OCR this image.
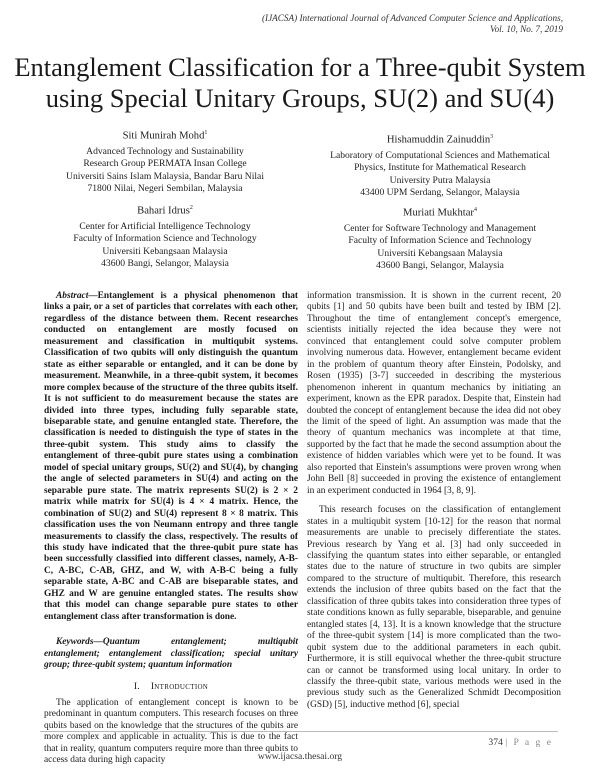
(IJACSA) International Journal of Advanced Computer Science and Applications,
Vol. 10, No. 7, 2019
Entanglement Classification for a Three-qubit System
using Special Unitary Groups, SU(2) and SU(4)
Siti Munirah Mohd$^1$
Advanced Technology and Sustainability
Research Group PERMATA Insan College
Universiti Sains Islam Malaysia, Bandar Baru Nilai
71800 Nilai, Negeri Sembilan, Malaysia
Hishamuddin Zainuddin$^3$
Laboratory of Computational Sciences and Mathematical
Physics, Institute for Mathematical Research
University Putra Malaysia
43400 UPM Serdang, Selangor, Malaysia
Bahari Idrus$^2$
Center for Artificial Intelligence Technology
Faculty of Information Science and Technology
Universiti Kebangsaan Malaysia
43600 Bangi, Selangor, Malaysia
Muriati Mukhtar$^4$
Center for Software Technology and Management
Faculty of Information Science and Technology
Universiti Kebangsaan Malaysia
43600 Bangi, Selangor, Malaysia

Abstract—Entanglement is a physical phenomenon that links a pair, or a set of particles that correlates with each other, regardless of the distance between them. Recent researches conducted on entanglement are mostly focused on measurement and classification in multiqubit systems. Classification of two qubits will only distinguish the quantum state as either separable or entangled, and it can be done by measurement. Meanwhile, in a three-qubit system, it becomes more complex because of the structure of the three qubits itself. It is not sufficient to do measurement because the states are divided into three types, including fully separable state, biseparable state, and genuine entangled state. Therefore, the classification is needed to distinguish the type of states in the three-qubit system. This study aims to classify the entanglement of three-qubit pure states using a combination model of special unitary groups, SU(2) and SU(4), by changing the angle of selected parameters in SU(4) and acting on the separable pure state. The matrix represents SU(2) is 2 × 2 matrix while matrix for SU(4) is 4 × 4 matrix. Hence, the combination of SU(2) and SU(4) represent 8 × 8 matrix. This classification uses the von Neumann entropy and three tangle measurements to classify the class, respectively. The results of this study have indicated that the three-qubit pure state has been successfully classified into different classes, namely, A-B-C, A-BC, C-AB, GHZ, and W, with A-B-C being a fully separable state, A-BC and C-AB are biseparable states, and GHZ and W are genuine entangled states. The results show that this model can change separable pure states to other entanglement class after transformation is done.

Keywords—Quantum entanglement; multiqubit entanglement; entanglement classification; special unitary group; three-qubit system; quantum information

I. Introduction

The application of entanglement concept is known to be predominant in quantum computers. This research focuses on three qubits based on the knowledge that the structures of the qubits are more complex and applicable in actuality. This is due to the fact that in reality, quantum computers require more than three qubits to access data during high capacity

information transmission. It is shown in the current recent, 20 qubits [1] and 50 qubits have been built and tested by IBM [2]. Throughout the time of entanglement concept's emergence, scientists initially rejected the idea because they were not convinced that entanglement could solve computer problem involving numerous data. However, entanglement became evident in the problem of quantum theory after Einstein, Podolsky, and Rosen (1935) [3-7] succeeded in describing the mysterious phenomenon inherent in quantum mechanics by initiating an experiment, known as the EPR paradox. Despite that, Einstein had doubted the concept of entanglement because the idea did not obey the limit of the speed of light. An assumption was made that the theory of quantum mechanics was incomplete at that time, supported by the fact that he made the second assumption about the existence of hidden variables which were yet to be found. It was also reported that Einstein's assumptions were proven wrong when John Bell [8] succeeded in proving the existence of entanglement in an experiment conducted in 1964 [3, 8, 9].

This research focuses on the classification of entanglement states in a multiqubit system [10-12] for the reason that normal measurements are unable to precisely differentiate the states. Previous research by Yang et al. [3] had only succeeded in classifying the quantum states into either separable, or entangled states due to the nature of structure in two qubits are simpler compared to the structure of multiqubit. Therefore, this research extends the inclusion of three qubits based on the fact that the classification of three qubits takes into consideration three types of state conditions known as fully separable, biseparable, and genuine entangled states [4, 13]. It is a known knowledge that the structure of the three-qubit system [14] is more complicated than the two-qubit system due to the additional parameters in each qubit. Furthermore, it is still equivocal whether the three-qubit structure can or cannot be transformed using local unitary. In order to classify the three-qubit state, various methods were used in the previous study such as the Generalized Schmidt Decomposition (GSD) [5], inductive method [6], special

374 | P a g e
www.ijacsa.thesai.org
